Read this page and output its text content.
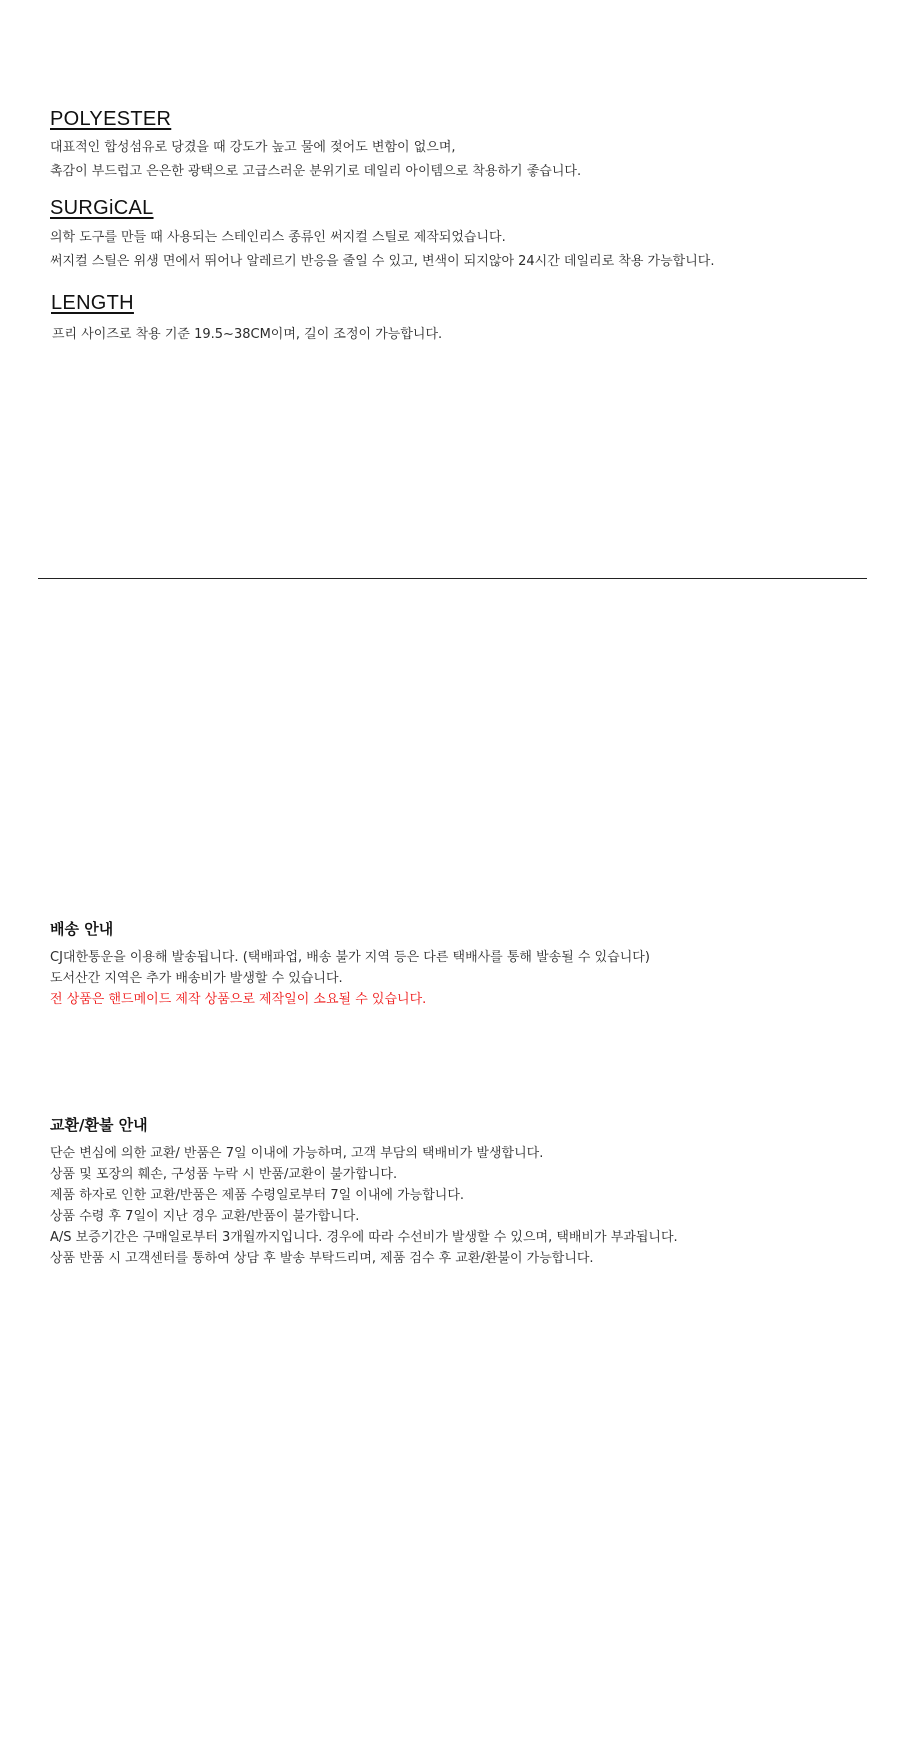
POLYESTER
대표적인 합성섬유로 당겼을 때 강도가 높고 물에 젖어도 변함이 없으며,
촉감이 부드럽고 은은한 광택으로 고급스러운 분위기로 데일리 아이템으로 착용하기 좋습니다.
SURGiCAL
의학 도구를 만들 때 사용되는 스테인리스 종류인 써지컬 스틸로 제작되었습니다.
써지컬 스틸은 위생 면에서 뛰어나 알레르기 반응을 줄일 수 있고, 변색이 되지않아 24시간 데일리로 착용 가능합니다.
LENGTH
프리 사이즈로 착용 기준 19.5~38CM이며, 길이 조정이 가능합니다.
배송 안내
CJ대한통운을 이용해 발송됩니다. (택배파업, 배송 불가 지역 등은 다른 택배사를 통해 발송될 수 있습니다)
도서산간 지역은 추가 배송비가 발생할 수 있습니다.
전 상품은 핸드메이드 제작 상품으로 제작일이 소요될 수 있습니다.
교환/환불 안내
단순 변심에 의한 교환/ 반품은 7일 이내에 가능하며, 고객 부담의 택배비가 발생합니다.
상품 및 포장의 훼손, 구성품 누락 시 반품/교환이 불가합니다.
제품 하자로 인한 교환/반품은 제품 수령일로부터 7일 이내에 가능합니다.
상품 수령 후 7일이 지난 경우 교환/반품이 불가합니다.
A/S 보증기간은 구매일로부터 3개월까지입니다. 경우에 따라 수선비가 발생할 수 있으며, 택배비가 부과됩니다.
상품 반품 시 고객센터를 통하여 상담 후 발송 부탁드리며, 제품 검수 후 교환/환불이 가능합니다.
